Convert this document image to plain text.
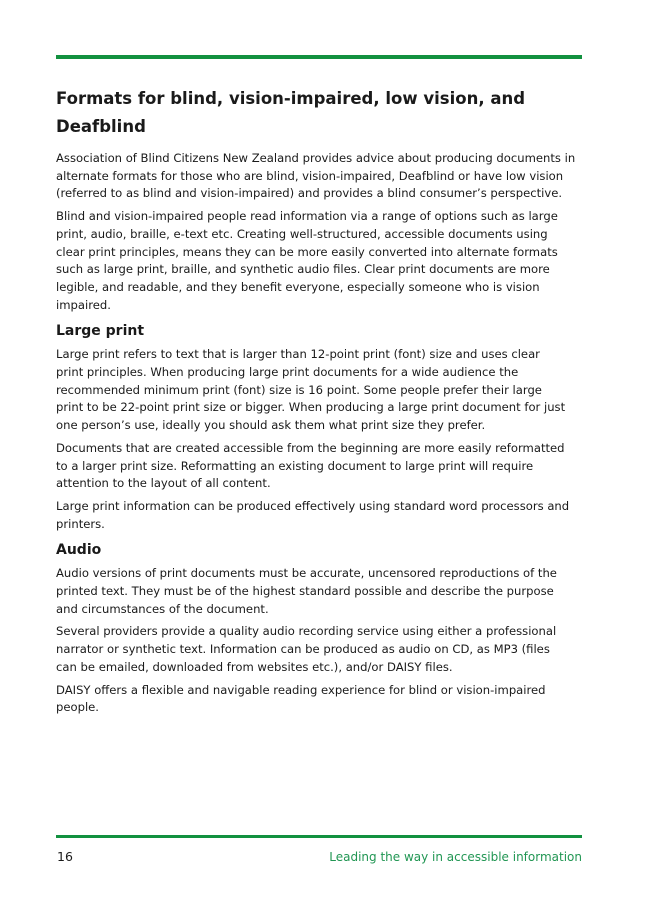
Formats for blind, vision-impaired, low vision, and
Deafblind

Association of Blind Citizens New Zealand provides advice about producing documents in
alternate formats for those who are blind, vision-impaired, Deafblind or have low vision
(referred to as blind and vision-impaired) and provides a blind consumer’s perspective.

Blind and vision-impaired people read information via a range of options such as large
print, audio, braille, e-text etc. Creating well-structured, accessible documents using
clear print principles, means they can be more easily converted into alternate formats
such as large print, braille, and synthetic audio files. Clear print documents are more
legible, and readable, and they benefit everyone, especially someone who is vision
impaired.

Large print

Large print refers to text that is larger than 12-point print (font) size and uses clear
print principles. When producing large print documents for a wide audience the
recommended minimum print (font) size is 16 point. Some people prefer their large
print to be 22-point print size or bigger. When producing a large print document for just
one person’s use, ideally you should ask them what print size they prefer.

Documents that are created accessible from the beginning are more easily reformatted
to a larger print size. Reformatting an existing document to large print will require
attention to the layout of all content.

Large print information can be produced effectively using standard word processors and
printers.

Audio

Audio versions of print documents must be accurate, uncensored reproductions of the
printed text. They must be of the highest standard possible and describe the purpose
and circumstances of the document.

Several providers provide a quality audio recording service using either a professional
narrator or synthetic text. Information can be produced as audio on CD, as MP3 (files
can be emailed, downloaded from websites etc.), and/or DAISY files.

DAISY offers a flexible and navigable reading experience for blind or vision-impaired
people.

16	Leading the way in accessible information
